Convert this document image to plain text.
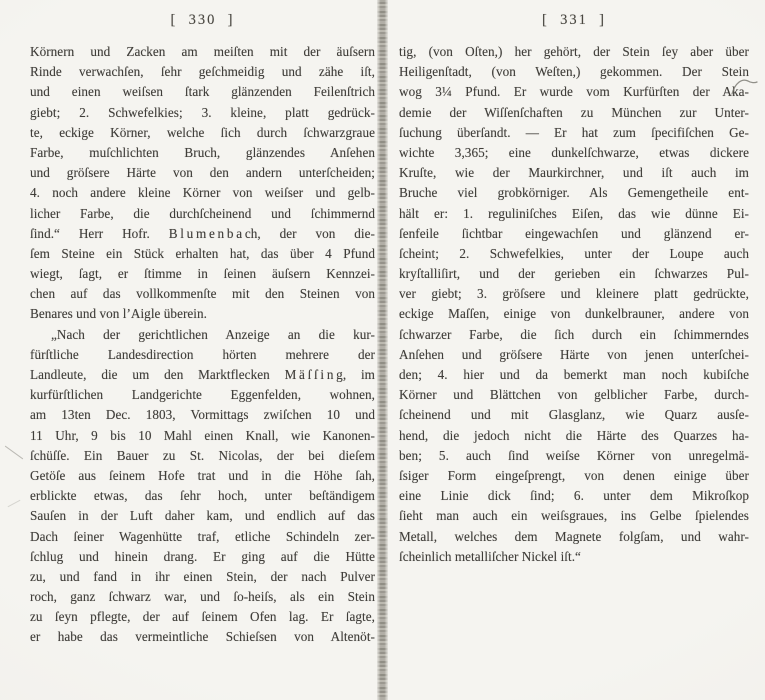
[  330  ]
Körnern und Zacken am meiſten mit der äuſsern
Rinde verwachſen, ſehr geſchmeidig und zähe iſt,
und einen weiſsen ſtark glänzenden Feilenſtrich
giebt; 2. Schwefelkies; 3. kleine, platt gedrück-
te, eckige Körner, welche ſich durch ſchwarzgraue
Farbe, muſchlichten Bruch, glänzendes Anſehen
und gröſsere Härte von den andern unterſcheiden;
4. noch andere kleine Körner von weiſser und gelb-
licher Farbe, die durchſcheinend und ſchimmernd
ſind.“ Herr Hofr. B l u m e n b a ch, der von die-
ſem Steine ein Stück erhalten hat, das über 4 Pfund
wiegt, ſagt, er ſtimme in ſeinen äuſsern Kennzei-
chen auf das vollkommenſte mit den Steinen von
Benares und von l’Aigle überein.
„Nach der gerichtlichen Anzeige an die kur-
fürſtliche Landesdirection hörten mehrere der
Landleute, die um den Marktflecken M ä ſ ſ i n g, im
kurfürſtlichen Landgerichte Eggenfelden, wohnen,
am 13ten Dec. 1803, Vormittags zwiſchen 10 und
11 Uhr, 9 bis 10 Mahl einen Knall, wie Kanonen-
ſchüſſe. Ein Bauer zu St. Nicolas, der bei dieſem
Getöſe aus ſeinem Hofe trat und in die Höhe ſah,
erblickte etwas, das ſehr hoch, unter beſtändigem
Sauſen in der Luft daher kam, und endlich auf das
Dach ſeiner Wagenhütte traf, etliche Schindeln zer-
ſchlug und hinein drang. Er ging auf die Hütte
zu, und fand in ihr einen Stein, der nach Pulver
roch, ganz ſchwarz war, und ſo-heiſs, als ein Stein
zu ſeyn pflegte, der auf ſeinem Ofen lag. Er ſagte,
er habe das vermeintliche Schieſsen von Altenöt-
[  331  ]
tig, (von Oſten,) her gehört, der Stein ſey aber über
Heiligenſtadt, (von Weſten,) gekommen. Der Stein
wog 3¼ Pfund. Er wurde vom Kurfürſten der Aka-
demie der Wiſſenſchaften zu München zur Unter-
ſuchung überſandt. — Er hat zum ſpecifiſchen Ge-
wichte 3,365; eine dunkelſchwarze, etwas dickere
Kruſte, wie der Maurkirchner, und iſt auch im
Bruche viel grobkörniger. Als Gemengetheile ent-
hält er: 1. reguliniſches Eiſen, das wie dünne Ei-
ſenfeile ſichtbar eingewachſen und glänzend er-
ſcheint; 2. Schwefelkies, unter der Loupe auch
kryſtalliſirt, und der gerieben ein ſchwarzes Pul-
ver giebt; 3. gröſsere und kleinere platt gedrückte,
eckige Maſſen, einige von dunkelbrauner, andere von
ſchwarzer Farbe, die ſich durch ein ſchimmerndes
Anſehen und gröſsere Härte von jenen unterſchei-
den; 4. hier und da bemerkt man noch kubiſche
Körner und Blättchen von gelblicher Farbe, durch-
ſcheinend und mit Glasglanz, wie Quarz ausſe-
hend, die jedoch nicht die Härte des Quarzes ha-
ben; 5. auch ſind weiſse Körner von unregelmä-
ſsiger Form eingeſprengt, von denen einige über
eine Linie dick ſind; 6. unter dem Mikroſkop
ſieht man auch ein weiſsgraues, ins Gelbe ſpielendes
Metall, welches dem Magnete folgſam, und wahr-
ſcheinlich metalliſcher Nickel iſt.“
